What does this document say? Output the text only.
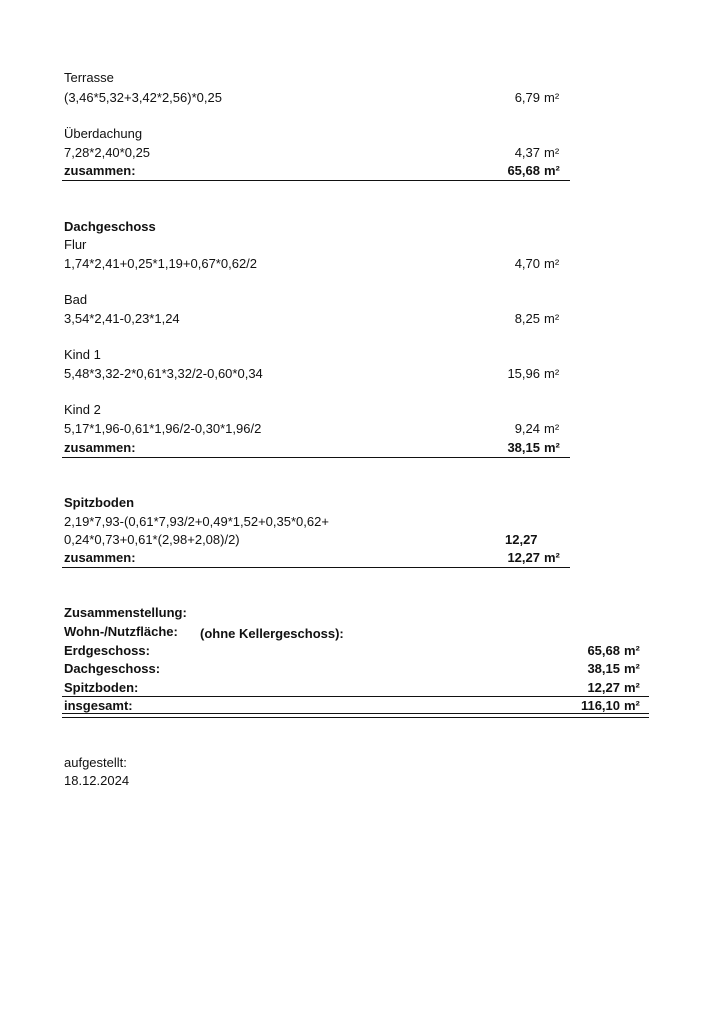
Terrasse
(3,46*5,32+3,42*2,56)*0,25	6,79 m²
Überdachung
7,28*2,40*0,25	4,37 m²
zusammen:	65,68 m²
Dachgeschoss
Flur
1,74*2,41+0,25*1,19+0,67*0,62/2	4,70 m²
Bad
3,54*2,41-0,23*1,24	8,25 m²
Kind 1
5,48*3,32-2*0,61*3,32/2-0,60*0,34	15,96 m²
Kind 2
5,17*1,96-0,61*1,96/2-0,30*1,96/2	9,24 m²
zusammen:	38,15 m²
Spitzboden
2,19*7,93-(0,61*7,93/2+0,49*1,52+0,35*0,62+
0,24*0,73+0,61*(2,98+2,08)/2)	12,27
zusammen:	12,27 m²
Zusammenstellung:
Wohn-/Nutzfläche: (ohne Kellergeschoss):
Erdgeschoss:	65,68 m²
Dachgeschoss:	38,15 m²
Spitzboden:	12,27 m²
insgesamt:	116,10 m²
aufgestellt:
18.12.2024
